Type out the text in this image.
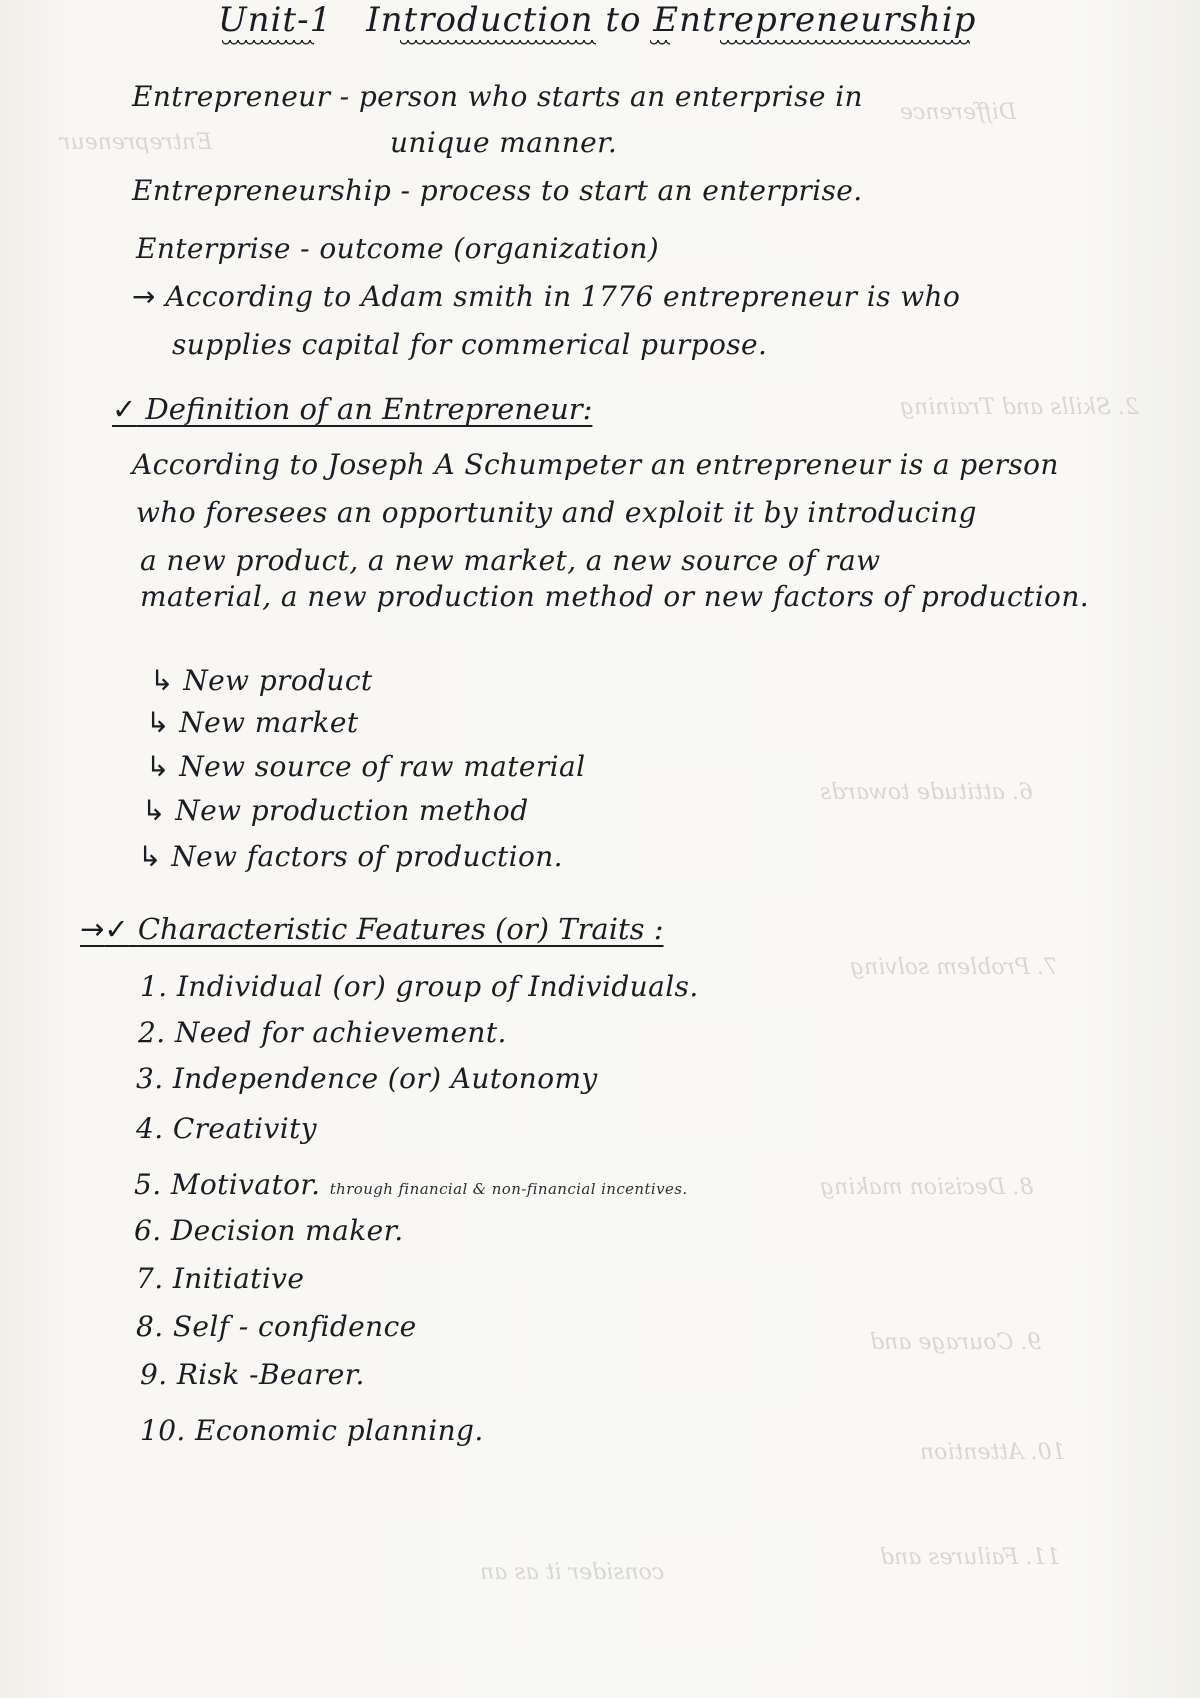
Difference
Entrepreneur
2. Skills and Training
6. attitude towards
7. Problem solving
8. Decision making
9. Courage and
10. Attention
11. Failures and
consider it as an
Unit-1 Introduction to Entrepreneurship
Entrepreneur - person who starts an enterprise in
unique manner.
Entrepreneurship - process to start an enterprise.
Enterprise - outcome (organization)
→ According to Adam smith in 1776 entrepreneur is who
supplies capital for commerical purpose.
✓ Definition of an Entrepreneur:
According to Joseph A Schumpeter an entrepreneur is a person
who foresees an opportunity and exploit it by introducing
a new product, a new market, a new source of raw
material, a new production method or new factors of production.
↳ New product
↳ New market
↳ New source of raw material
↳ New production method
↳ New factors of production.
→✓ Characteristic Features (or) Traits :
1. Individual (or) group of Individuals.
2. Need for achievement.
3. Independence (or) Autonomy
4. Creativity
5. Motivator. through financial & non-financial incentives.
6. Decision maker.
7. Initiative
8. Self - confidence
9. Risk -Bearer.
10. Economic planning.
